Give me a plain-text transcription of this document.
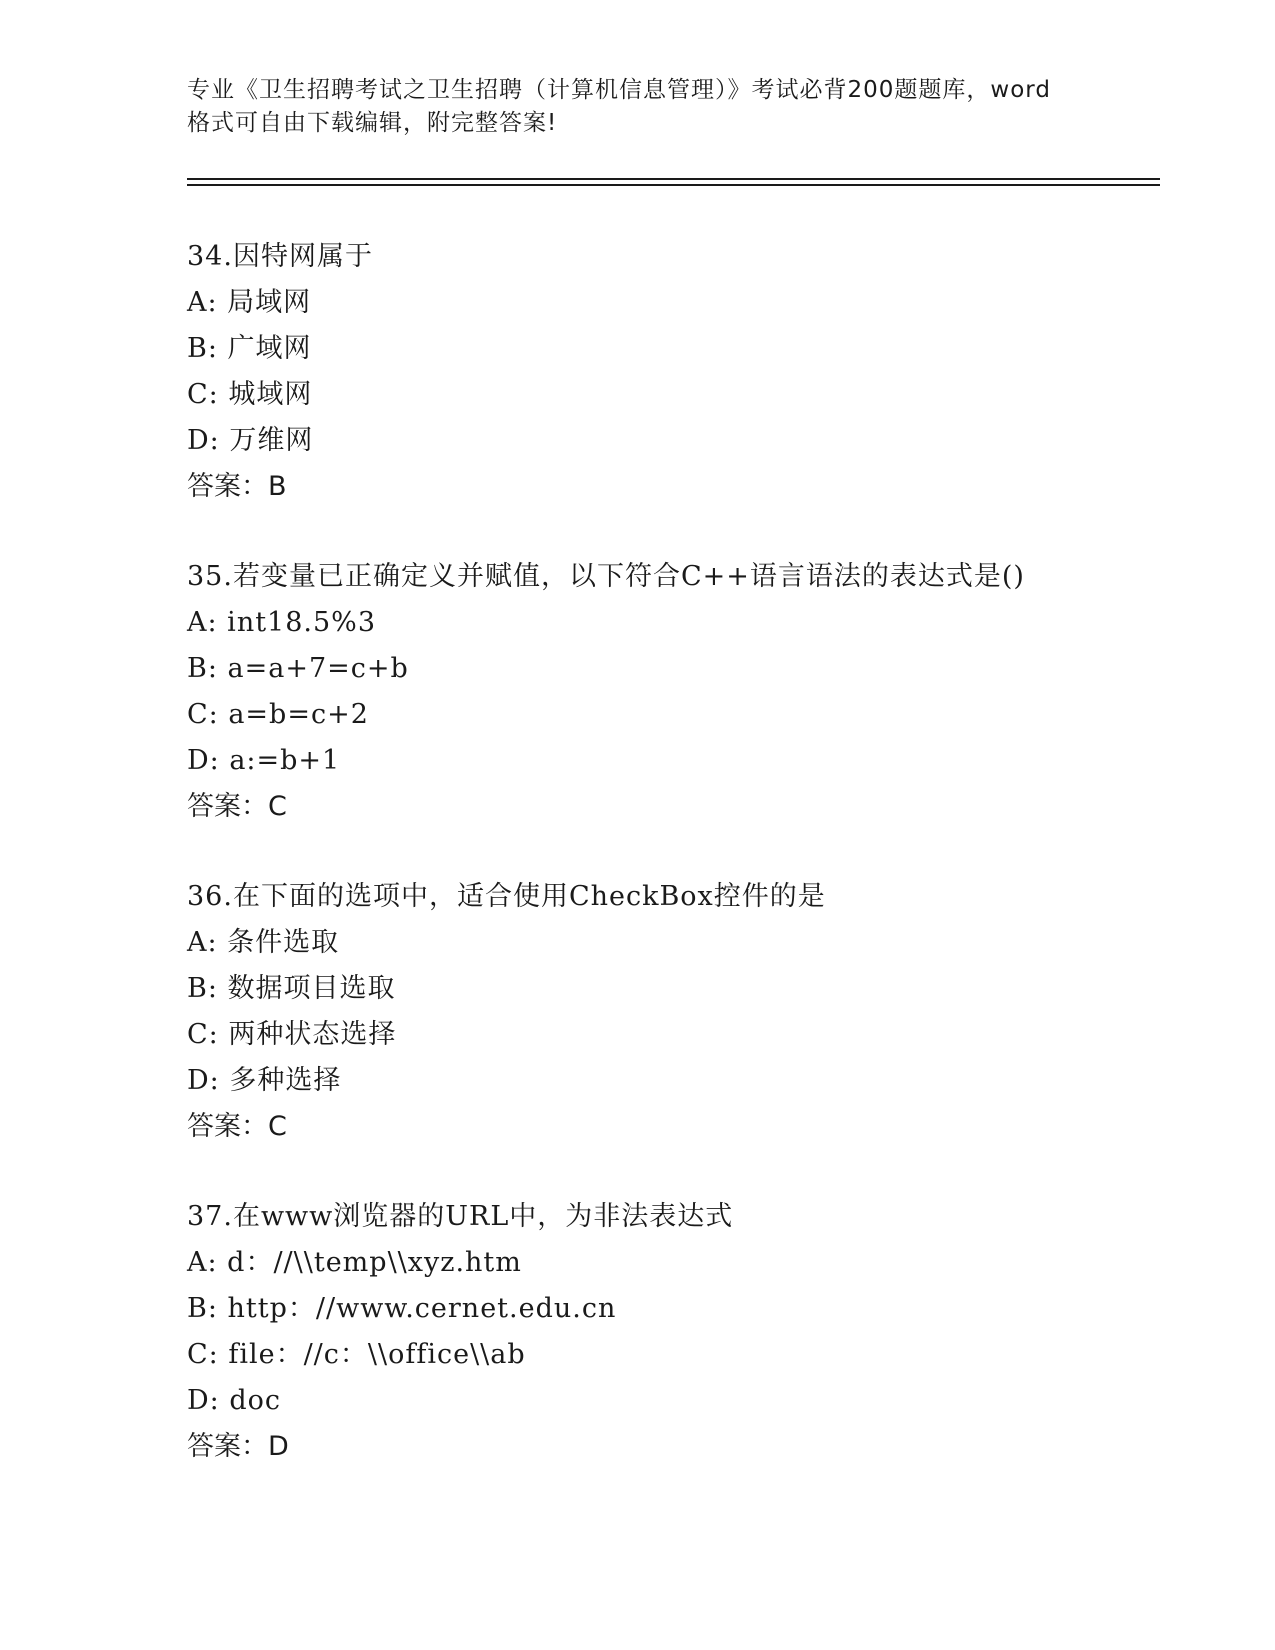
专业《卫生招聘考试之卫生招聘（计算机信息管理）》考试必背200题题库，word
格式可自由下载编辑，附完整答案!
34.因特网属于
A: 局域网
B: 广域网
C: 城域网
D: 万维网
答案：B
35.若变量已正确定义并赋值，以下符合C++语言语法的表达式是()
A: int18.5%3
B: a=a+7=c+b
C: a=b=c+2
D: a:=b+1
答案：C
36.在下面的选项中，适合使用CheckBox控件的是
A: 条件选取
B: 数据项目选取
C: 两种状态选择
D: 多种选择
答案：C
37.在www浏览器的URL中，为非法表达式
A: d：//\\temp\\xyz.htm
B: http：//www.cernet.edu.cn
C: file：//c：\\office\\ab
D: doc
答案：D
